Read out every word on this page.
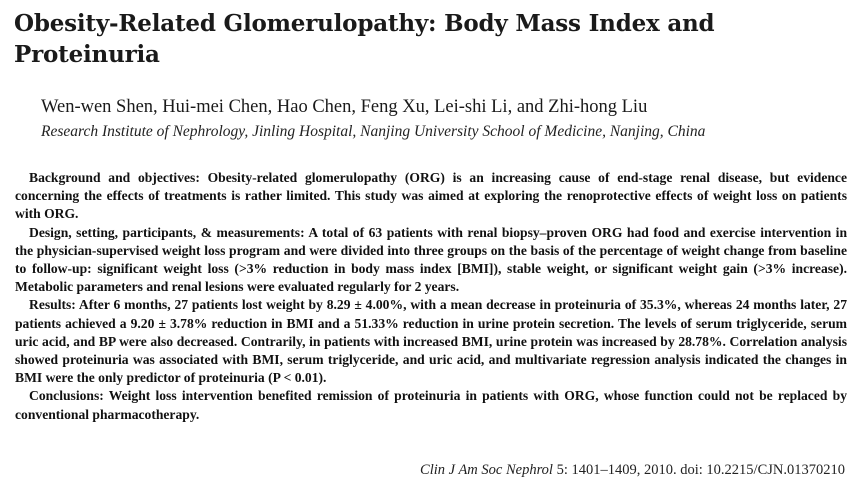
Obesity-Related Glomerulopathy: Body Mass Index and Proteinuria
Wen-wen Shen, Hui-mei Chen, Hao Chen, Feng Xu, Lei-shi Li, and Zhi-hong Liu
Research Institute of Nephrology, Jinling Hospital, Nanjing University School of Medicine, Nanjing, China

Background and objectives: Obesity-related glomerulopathy (ORG) is an increasing cause of end-stage renal disease, but evidence concerning the effects of treatments is rather limited. This study was aimed at exploring the renoprotective effects of weight loss on patients with ORG.

Design, setting, participants, & measurements: A total of 63 patients with renal biopsy–proven ORG had food and exercise intervention in the physician-supervised weight loss program and were divided into three groups on the basis of the percentage of weight change from baseline to follow-up: significant weight loss (>3% reduction in body mass index [BMI]), stable weight, or significant weight gain (>3% increase). Metabolic parameters and renal lesions were evaluated regularly for 2 years.

Results: After 6 months, 27 patients lost weight by 8.29 ± 4.00%, with a mean decrease in proteinuria of 35.3%, whereas 24 months later, 27 patients achieved a 9.20 ± 3.78% reduction in BMI and a 51.33% reduction in urine protein secretion. The levels of serum triglyceride, serum uric acid, and BP were also decreased. Contrarily, in patients with increased BMI, urine protein was increased by 28.78%. Correlation analysis showed proteinuria was associated with BMI, serum triglyceride, and uric acid, and multivariate regression analysis indicated the changes in BMI were the only predictor of proteinuria (P < 0.01).

Conclusions: Weight loss intervention benefited remission of proteinuria in patients with ORG, whose function could not be replaced by conventional pharmacotherapy.

Clin J Am Soc Nephrol 5: 1401–1409, 2010. doi: 10.2215/CJN.01370210
